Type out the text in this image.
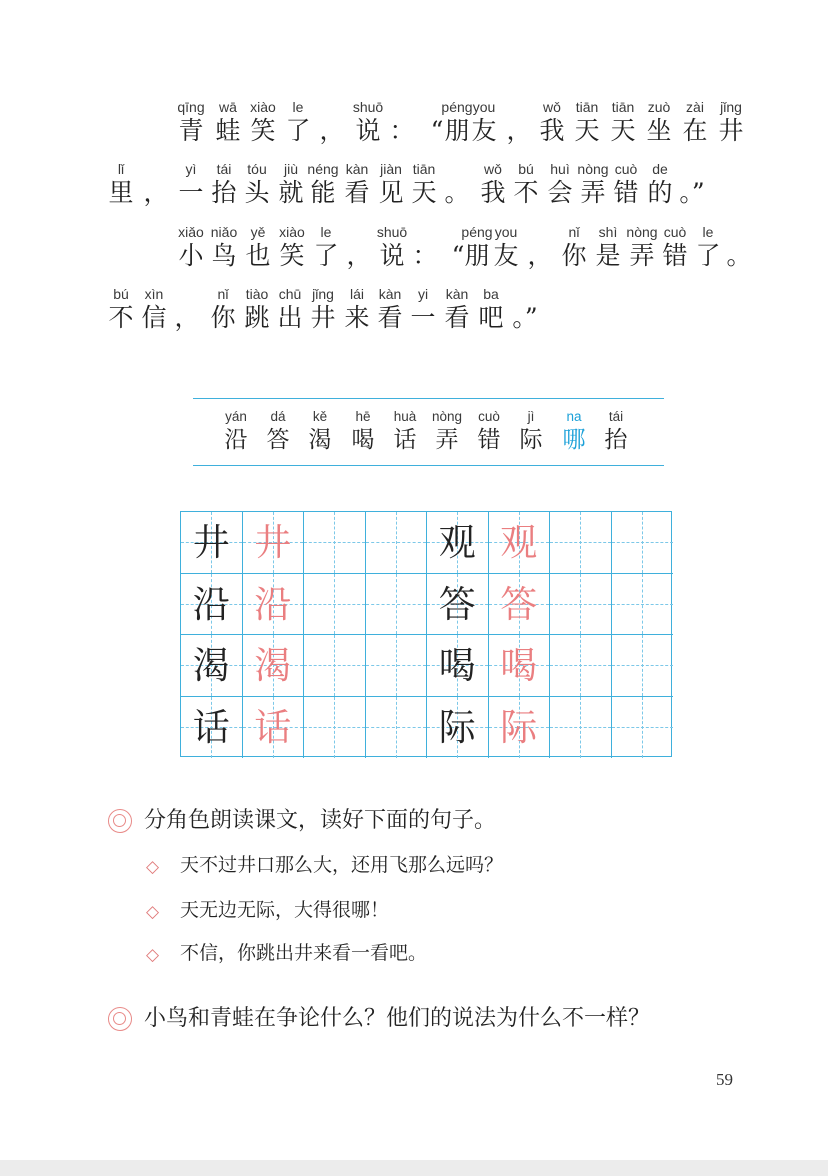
qīng
青
wā
蛙
xiào
笑
le
了 ，
shuō
说 ： “
péng
朋
you
友 ，
wǒ
我
tiān
天
tiān
天
zuò
坐
zài
在
jǐng
井
lǐ
里 ，
yì
一
tái
抬
tóu
头
jiù
就
néng
能
kàn
看
jiàn
见
tiān
天 。
wǒ
我
bú
不
huì
会
nòng
弄
cuò
错
de
的 。”
xiǎo
小
niǎo
鸟
yě
也
xiào
笑
le
了 ，
shuō
说 ： “
péng
朋
you
友 ，
nǐ
你
shì
是
nòng
弄
cuò
错
le
了 。
bú
不
xìn
信 ，
nǐ
你
tiào
跳
chū
出
jǐng
井
lái
来
kàn
看
yi
一
kàn
看
ba
吧 。”
yán
沿
dá
答
kě
渴
hē
喝
huà
话
nòng
弄
cuò
错
jì
际
na
哪
tái
抬
井 井	观 观
沿 沿	答 答
渴 渴	喝 喝
话 话	际 际
分角色朗读课文，读好下面的句子。
◇ 天不过井口那么大，还用飞那么远吗？
◇ 天无边无际，大得很哪！
◇ 不信，你跳出井来看一看吧。
小鸟和青蛙在争论什么？他们的说法为什么不一样？
59
